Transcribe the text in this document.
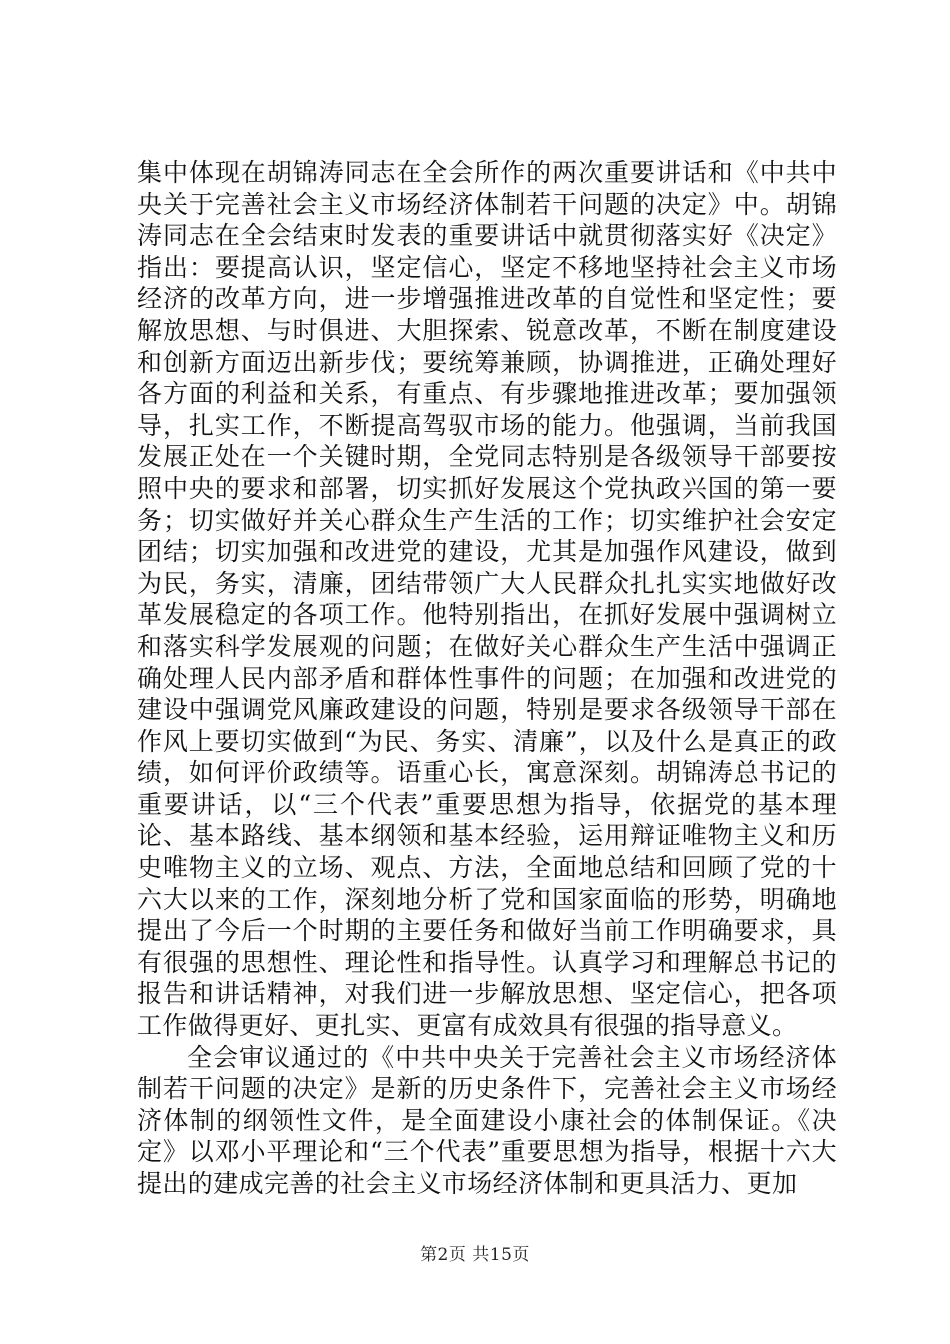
集中体现在胡锦涛同志在全会所作的两次重要讲话和《中共中央关于完善社会主义市场经济体制若干问题的决定》中。胡锦涛同志在全会结束时发表的重要讲话中就贯彻落实好《决定》指出：要提高认识，坚定信心，坚定不移地坚持社会主义市场经济的改革方向，进一步增强推进改革的自觉性和坚定性；要解放思想、与时俱进、大胆探索、锐意改革，不断在制度建设和创新方面迈出新步伐；要统筹兼顾，协调推进，正确处理好各方面的利益和关系，有重点、有步骤地推进改革；要加强领导，扎实工作，不断提高驾驭市场的能力。他强调，当前我国发展正处在一个关键时期，全党同志特别是各级领导干部要按照中央的要求和部署，切实抓好发展这个党执政兴国的第一要务；切实做好并关心群众生产生活的工作；切实维护社会安定团结；切实加强和改进党的建设，尤其是加强作风建设，做到为民，务实，清廉，团结带领广大人民群众扎扎实实地做好改革发展稳定的各项工作。他特别指出，在抓好发展中强调树立和落实科学发展观的问题；在做好关心群众生产生活中强调正确处理人民内部矛盾和群体性事件的问题；在加强和改进党的建设中强调党风廉政建设的问题，特别是要求各级领导干部在作风上要切实做到“为民、务实、清廉”，以及什么是真正的政绩，如何评价政绩等。语重心长，寓意深刻。胡锦涛总书记的重要讲话，以“三个代表”重要思想为指导，依据党的基本理论、基本路线、基本纲领和基本经验，运用辩证唯物主义和历史唯物主义的立场、观点、方法，全面地总结和回顾了党的十六大以来的工作，深刻地分析了党和国家面临的形势，明确地提出了今后一个时期的主要任务和做好当前工作明确要求，具有很强的思想性、理论性和指导性。认真学习和理解总书记的报告和讲话精神，对我们进一步解放思想、坚定信心，把各项工作做得更好、更扎实、更富有成效具有很强的指导意义。

全会审议通过的《中共中央关于完善社会主义市场经济体制若干问题的决定》是新的历史条件下，完善社会主义市场经济体制的纲领性文件，是全面建设小康社会的体制保证。《决定》以邓小平理论和“三个代表”重要思想为指导，根据十六大提出的建成完善的社会主义市场经济体制和更具活力、更加

第2页 共15页
